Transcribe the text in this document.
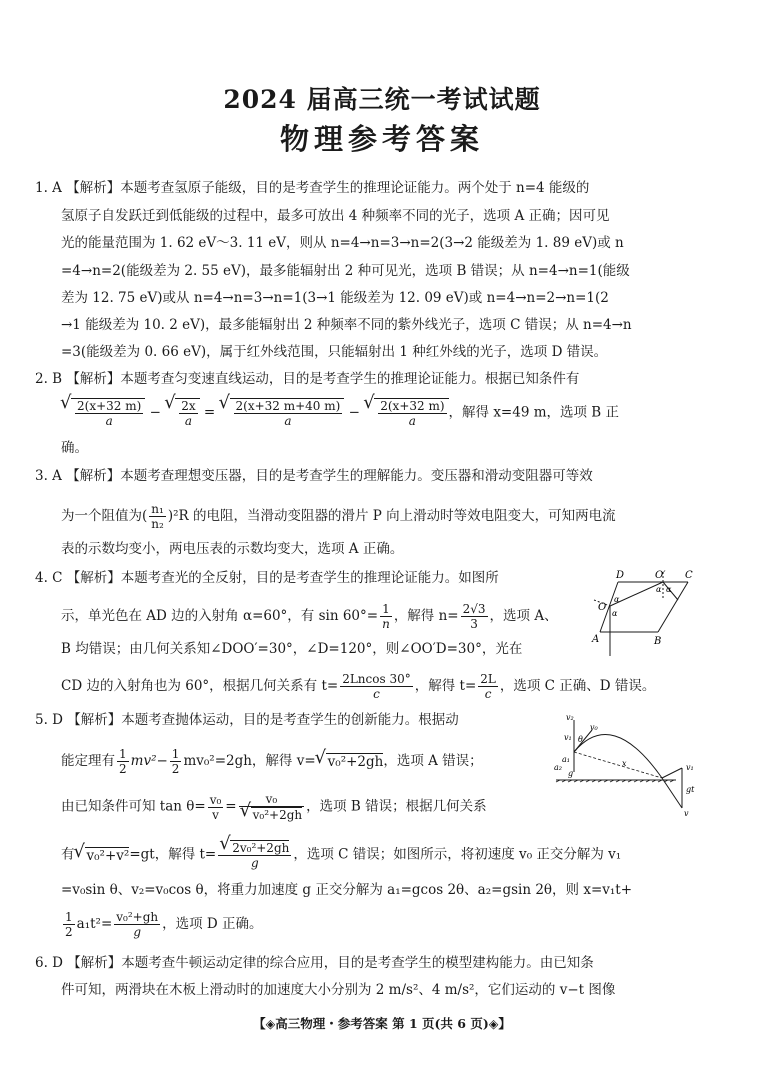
2024 届高三统一考试试题
物理参考答案
1. A 【解析】本题考查氢原子能级，目的是考查学生的推理论证能力。两个处于 n=4 能级的
氢原子自发跃迁到低能级的过程中，最多可放出 4 种频率不同的光子，选项 A 正确；因可见
光的能量范围为 1. 62 eV～3. 11 eV，则从 n=4→n=3→n=2(3→2 能级差为 1. 89 eV)或 n
=4→n=2(能级差为 2. 55 eV)，最多能辐射出 2 种可见光，选项 B 错误；从 n=4→n=1(能级
差为 12. 75 eV)或从 n=4→n=3→n=1(3→1 能级差为 12. 09 eV)或 n=4→n=2→n=1(2
→1 能级差为 10. 2 eV)，最多能辐射出 2 种频率不同的紫外线光子，选项 C 错误；从 n=4→n
=3(能级差为 0. 66 eV)，属于红外线范围，只能辐射出 1 种红外线的光子，选项 D 错误。
2. B 【解析】本题考查匀变速直线运动，目的是考查学生的推理论证能力。根据已知条件有
√ $\frac{2(x+32 m)}{a}$ − √ $\frac{2x}{a}$ = √ $\frac{2(x+32 m+40 m)}{a}$ − √ $\frac{2(x+32 m)}{a}$ ，解得 x=49 m，选项 B 正
确。
3. A 【解析】本题考查理想变压器，目的是考查学生的理解能力。变压器和滑动变阻器可等效
为一个阻值为( $\frac{\text{n₁}}{\text{n₂}} )^2R$ 的电阻，当滑动变阻器的滑片 P 向上滑动时等效电阻变大，可知两电流
表的示数均变小，两电压表的示数均变大，选项 A 正确。
4. C 【解析】本题考查光的全反射，目的是考查学生的推理论证能力。如图所
示，单光色在 AD 边的入射角 α=60°，有 $\sin 60^\circ= \frac{1}{n}$ ，解得 $n= \frac{2√3}{3}$ ，选项 A、
B 均错误；由几何关系知∠DOO′=30°，∠D=120°，则∠OO′D=30°，光在
CD 边的入射角也为 60°，根据几何关系有 $t= \frac{2Lncos 30^\circ}{c}$ ，解得 $t= \frac{2L}{c}$ ，选项 C 正确、D 错误。
D	O′ C
O
A	B
α
α
α α
5. D 【解析】本题考查抛体运动，目的是考查学生的创新能力。根据动
能定理有 $\frac{1}{2} mv^2- \frac{1}{2} mv_0^2=2gh$，解得 v= √ v₀²+2gh，选项 A 错误；
由已知条件可知 $\tan \theta= \frac{\text{v₀}}{v} = v_0$
√ v₀²+2gh ，选项 B 错误；根据几何关系
有 √ v₀²+v²=gt，解得 t= √ $\frac{\text{2v₀²+2gh}}{g}$ ，选项 C 错误；如图所示，将初速度 v₀ 正交分解为 v₁
=v₀sin θ、v₂=v₀cos θ，将重力加速度 g 正交分解为 a₁=gcos 2θ、a₂=gsin 2θ，则 x=v₁t+
$\frac{1}{2} a_1t^2= \frac{\text{v₀²+gh}}{g}$ ，选项 D 正确。
v₂
v₀
v₁ θ
a₂
a₁
g
x	v₁
gt
v
6. D 【解析】本题考查牛顿运动定律的综合应用，目的是考查学生的模型建构能力。由已知条
件可知，两滑块在木板上滑动时的加速度大小分别为 2 m/s²、4 m/s²，它们运动的 v−t 图像
【◈高三物理・参考答案 第 1 页(共 6 页)◈】
